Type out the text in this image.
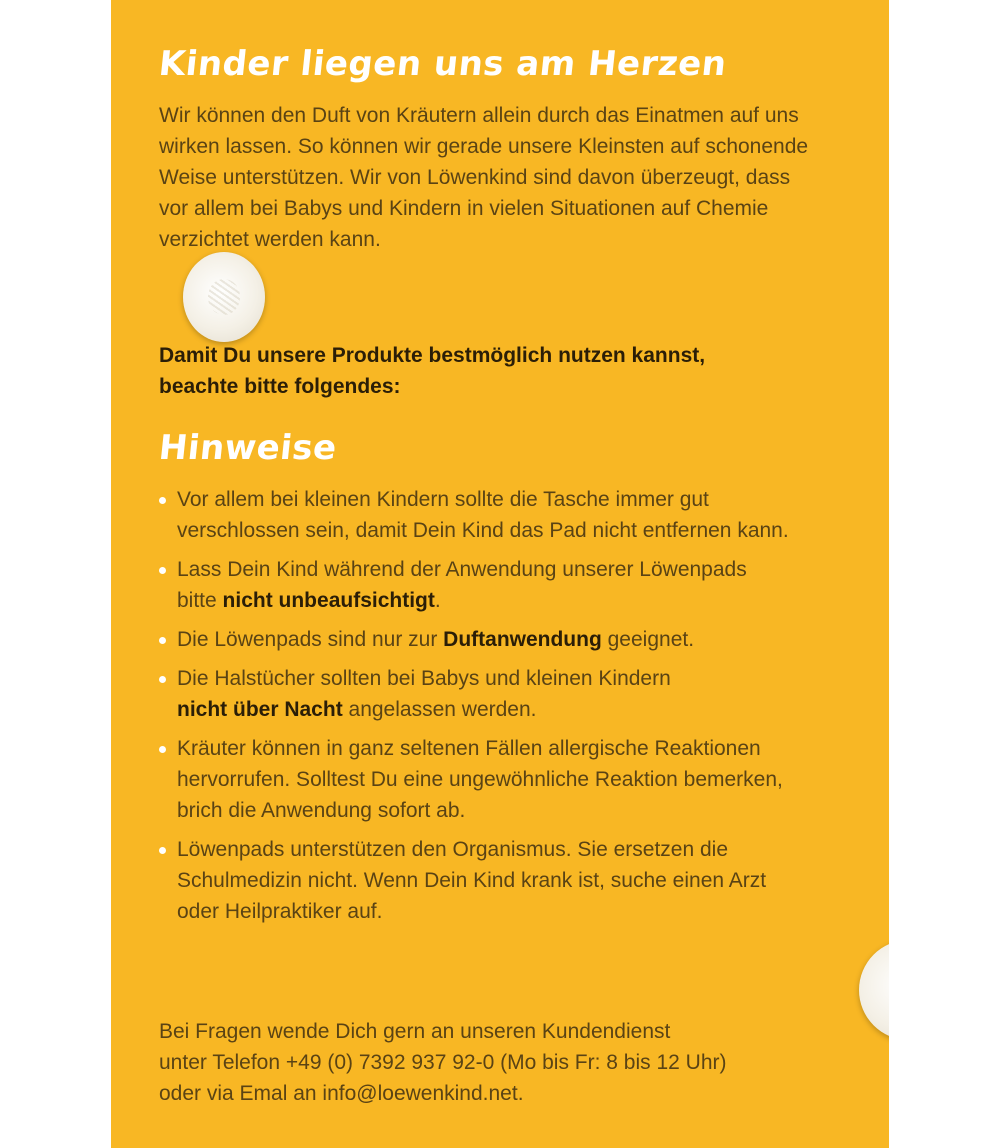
Kinder liegen uns am Herzen
Wir können den Duft von Kräutern allein durch das Einatmen auf uns
wirken lassen. So können wir gerade unsere Kleinsten auf schonende
Weise unterstützen. Wir von Löwenkind sind davon überzeugt, dass
vor allem bei Babys und Kindern in vielen Situationen auf Chemie
verzichtet werden kann.
Damit Du unsere Produkte bestmöglich nutzen kannst,
beachte bitte folgendes:
Hinweise
Vor allem bei kleinen Kindern sollte die Tasche immer gut
verschlossen sein, damit Dein Kind das Pad nicht entfernen kann.
Lass Dein Kind während der Anwendung unserer Löwenpads
bitte nicht unbeaufsichtigt.
Die Löwenpads sind nur zur Duftanwendung geeignet.
Die Halstücher sollten bei Babys und kleinen Kindern
nicht über Nacht angelassen werden.
Kräuter können in ganz seltenen Fällen allergische Reaktionen
hervorrufen. Solltest Du eine ungewöhnliche Reaktion bemerken,
brich die Anwendung sofort ab.
Löwenpads unterstützen den Organismus. Sie ersetzen die
Schulmedizin nicht. Wenn Dein Kind krank ist, suche einen Arzt
oder Heilpraktiker auf.
Bei Fragen wende Dich gern an unseren Kundendienst
unter Telefon +49 (0) 7392 937 92-0 (Mo bis Fr: 8 bis 12 Uhr)
oder via Emal an info@loewenkind.net.
